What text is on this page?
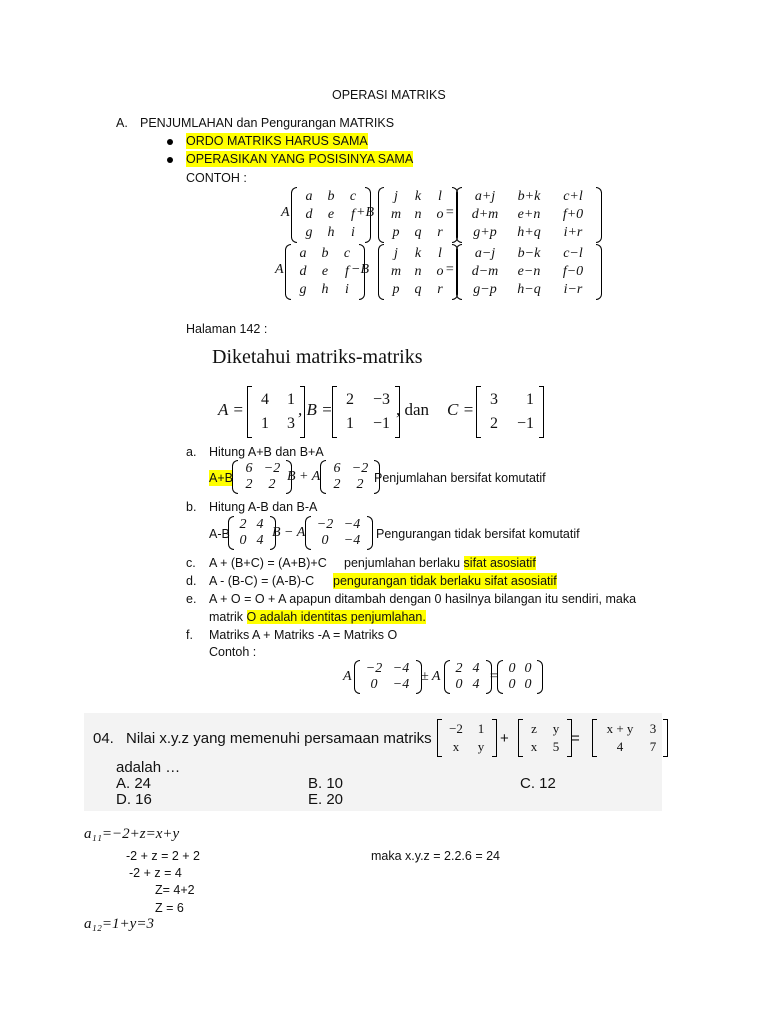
OPERASI MATRIKS
A. PENJUMLAHAN dan Pengurangan MATRIKS
ORDO MATRIKS HARUS SAMA
OPERASIKAN YANG POSISINYA SAMA
CONTOH :
A
a	b	c
d	e	f
g	h	i
+B
j	k	l
m n	o
p	q	r
=
a+j	b+k	c+l
d+m	e+n	f+0
g+p	h+q	i+r
A
a	b	c
d	e	f
g	h	i
−B
j	k	l
m n	o
p	q	r
=
a−j	b−k	c−l
d−m	e−n	f−0
g−p	h−q	i−r
Halaman 142 :
Diketahui matriks-matriks
A =
4 1
1 3
, B =
2	−3
1	−1
, dan C =
3	1
2	−1
a. Hitung A+B dan B+A
A+B
6 −2
2	2
B + A
6 −2
2	2 Penjumlahan bersifat komutatif
b. Hitung A-B dan B-A
A-B
2 4
0 4
B − A
−2 −4
0	−4 Pengurangan tidak bersifat komutatif
c. A + (B+C) = (A+B)+C penjumlahan berlaku sifat asosiatif
d. A - (B-C) = (A-B)-C pengurangan tidak berlaku sifat asosiatif
e. A + O = O + A apapun ditambah dengan 0 hasilnya bilangan itu sendiri, maka
matrik O adalah identitas penjumlahan.
f. Matriks A + Matriks -A = Matriks O
Contoh :
A
−2 −4
0	−4
± A
2 4
0 4
=
0 0
0 0
04. Nilai x.y.z yang memenuhi persamaan matriks
−2 1
x	y +
z y
x 5 =
x + y	3
4	7
adalah …
A. 24	B. 10	C. 12
D. 16	E. 20
a₁₁=−2+z=x+y
-2 + z = 2 + 2	maka x.y.z = 2.2.6 = 24
-2 + z = 4
Z= 4+2
Z = 6
a₁₂=1+y=3
